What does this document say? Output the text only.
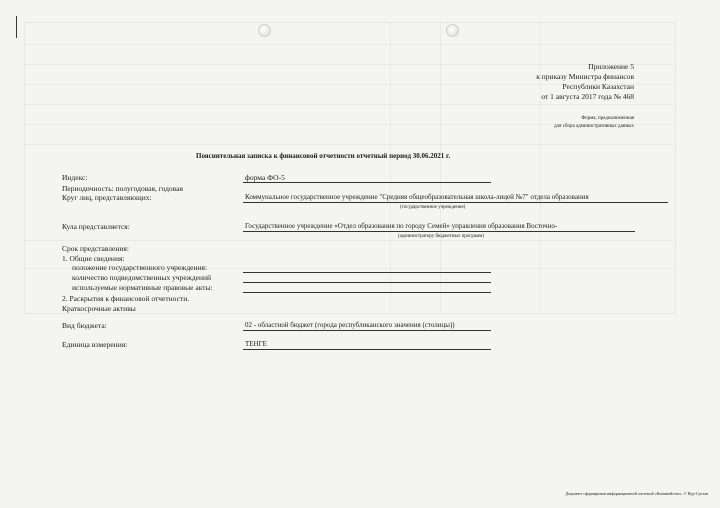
Приложение 5
к приказу Министра финансов
Республики Казахстан
от 1 августа 2017 года № 468
Форма, предназначенная
для сбора административных данных
Пояснительная записка к финансовой отчетности отчетный период 30.06.2021 г.
Индекс:	форма ФО-5
Периодичность: полугодовая, годовая
Круг лиц, представляющих:	Коммунальное государственное учреждение "Средняя общеобразовательная школа-лицей №7" отдела образования
(государственное учреждение)
Кула представляется:	Государственное учреждение «Отдел образования по городу Семей» управления образования Восточно-
(администратору бюджетных программ)
Срок представления:
1. Общие сведения:
положение государственного учреждения:
количество подведомственных учреждений
используемые нормативные правовые акты:
2. Раскрытия к финансовой отчетности.
Краткосрочные активы
Вид бюджета:	02 - областной бюджет (города республиканского значения (столицы))
Единица измерения:	ТЕНГЕ
Документ сформирован информационной системой «Казначейство». © Нур-Султан
